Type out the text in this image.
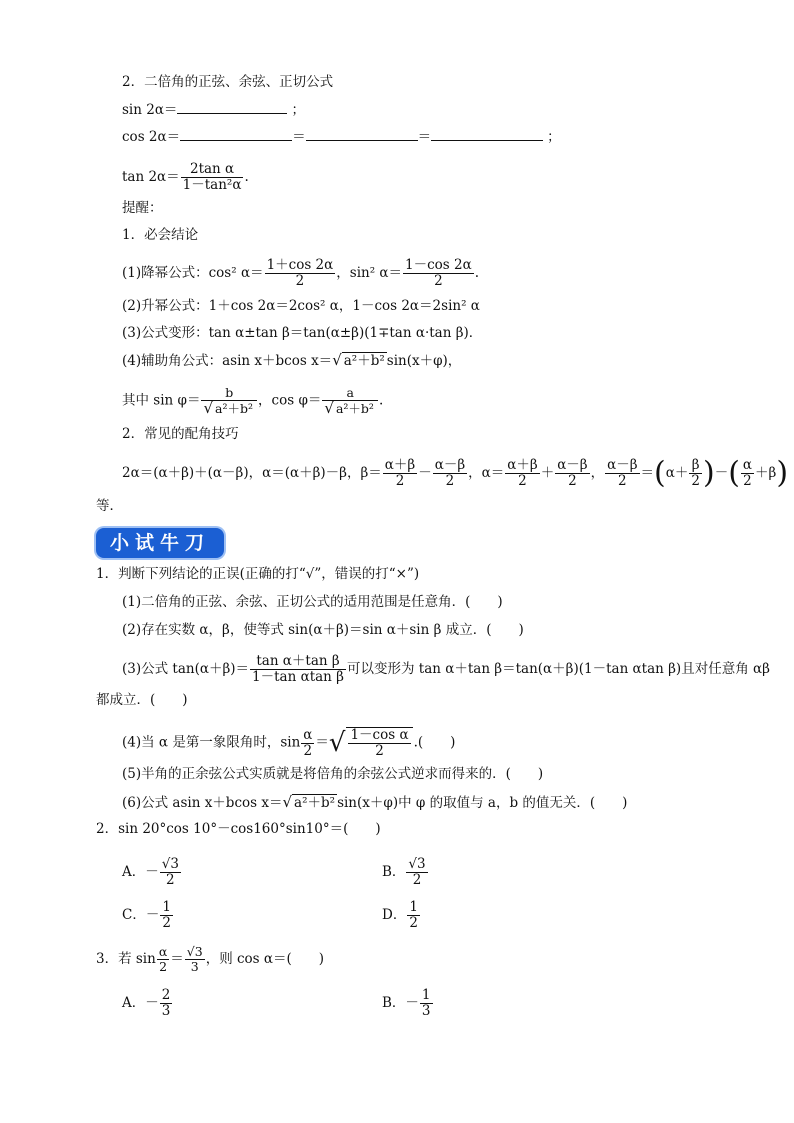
2．二倍角的正弦、余弦、正切公式
sin 2α＝	；
cos 2α＝	＝	＝	；
$\tan 2\alpha= \frac{\text{2tan α}}{\text{1－tan²α}}$ .
提醒：
1．必会结论
(1)降幂公式：cos² $\alpha= \frac{1+\cos 2\alpha}{2}$ ，sin² $\alpha= \frac{1-\cos 2\alpha}{2}$ .
(2)升幂公式：1＋cos 2α＝2cos² α，1－cos 2α＝2sin² α
(3)公式变形：tan α±tan β＝tan(α±β)(1∓tan α·tan β)．
(4)辅助角公式：asin x＋bcos x＝√ a²＋b² sin(x＋φ)，
其中 $\sin \varphi= \frac{b}{\text{√ a²＋b²}}$ ，$\cos \varphi= \frac{a}{\text{√ a²＋b²}}$ .
2．常见的配角技巧
2α＝(α＋β)＋(α－β)，α＝(α＋β)－β，$\beta= \frac{\alpha+\beta}{2} - \frac{\alpha-\beta}{2}$ ，$\alpha= \frac{\alpha+\beta}{2} + \frac{\alpha-\beta}{2}$ ， $\frac{\alpha-\beta}{2} =(\alpha+ \frac{\beta}{2}$ )－( $\frac{\alpha}{2} +\beta$)
等．
小试牛刀
1．判断下列结论的正误(正确的打“√”，错误的打“×”)
(1)二倍角的正弦、余弦、正切公式的适用范围是任意角．(　　)
(2)存在实数 α，β，使等式 sin(α＋β)＝sin α＋sin β 成立．(　　)
(3)公式 $\tan(\alpha+\beta)= \frac{\text{tan α＋tan β}}{\text{1－tan αtan β}}$ 可以变形为 tan α＋tan β＝tan(α＋β)(1－tan αtan β)且对任意角 αβ
都成立．(　　)
(4)当 α 是第一象限角时，$\sin \frac{\alpha}{2}$ ＝√ $\frac{\text{1－cos α}}{2}$ .(　　)
(5)半角的正余弦公式实质就是将倍角的余弦公式逆求而得来的．(　　)
(6)公式 asin x＋bcos x＝√ a²＋b² sin(x＋φ)中 φ 的取值与 a，b 的值无关．(　　)
2．sin 20°cos 10°－cos160°sin10°＝(　　)
A．－ $\frac{√3}{2}$	B． $\frac{√3}{2}$
C．－ $\frac{1}{2}$	D． $\frac{1}{2}$
3．若 $\sin \frac{\alpha}{2} = \frac{√3}{3}$ ，则 cos α＝(　　)
A．－ $\frac{2}{3}$	B．－ $\frac{1}{3}$
